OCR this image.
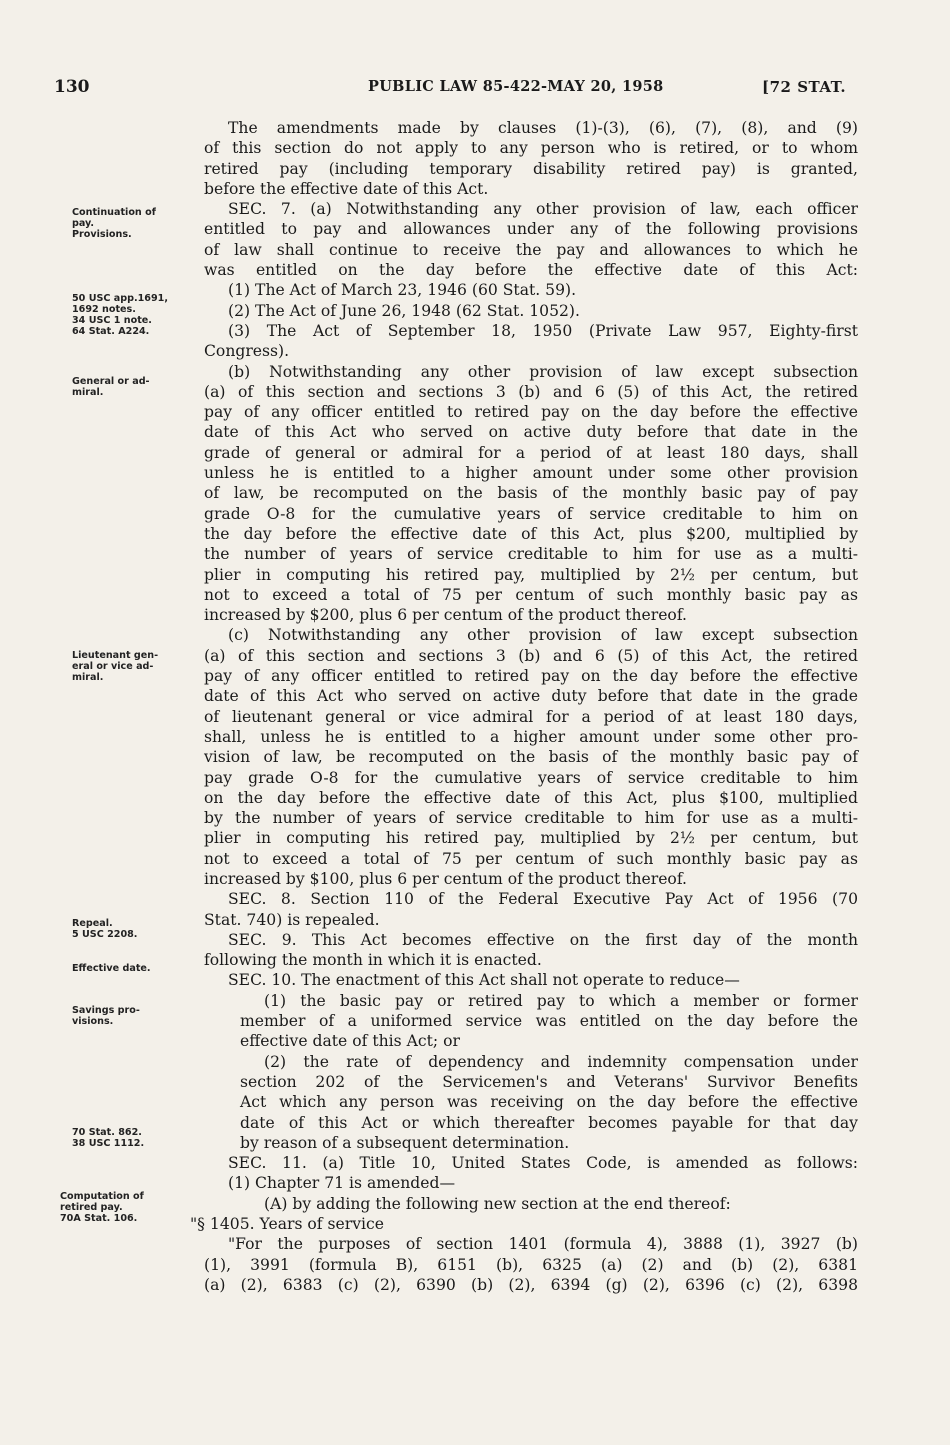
130	PUBLIC LAW 85-422-MAY 20, 1958	[72 STAT.
Continuation of
pay.
Provisions.
50 USC app.1691,
1692 notes.
34 USC 1 note.
64 Stat. A224.
General or ad-
miral.
Lieutenant gen-
eral or vice ad-
miral.
Repeal.
5 USC 2208.
Effective date.
Savings pro-
visions.
70 Stat. 862.
38 USC 1112.
Computation of
retired pay.
70A Stat. 106.
The amendments made by clauses (1)-(3), (6), (7), (8), and (9)
of this section do not apply to any person who is retired, or to whom
retired pay (including temporary disability retired pay) is granted,
before the effective date of this Act.
SEC. 7. (a) Notwithstanding any other provision of law, each officer
entitled to pay and allowances under any of the following provisions
of law shall continue to receive the pay and allowances to which he
was entitled on the day before the effective date of this Act:
(1) The Act of March 23, 1946 (60 Stat. 59).
(2) The Act of June 26, 1948 (62 Stat. 1052).
(3) The Act of September 18, 1950 (Private Law 957, Eighty-first
Congress).
(b) Notwithstanding any other provision of law except subsection
(a) of this section and sections 3 (b) and 6 (5) of this Act, the retired
pay of any officer entitled to retired pay on the day before the effective
date of this Act who served on active duty before that date in the
grade of general or admiral for a period of at least 180 days, shall
unless he is entitled to a higher amount under some other provision
of law, be recomputed on the basis of the monthly basic pay of pay
grade O-8 for the cumulative years of service creditable to him on
the day before the effective date of this Act, plus $200, multiplied by
the number of years of service creditable to him for use as a multi-
plier in computing his retired pay, multiplied by 2½ per centum, but
not to exceed a total of 75 per centum of such monthly basic pay as
increased by $200, plus 6 per centum of the product thereof.
(c) Notwithstanding any other provision of law except subsection
(a) of this section and sections 3 (b) and 6 (5) of this Act, the retired
pay of any officer entitled to retired pay on the day before the effective
date of this Act who served on active duty before that date in the grade
of lieutenant general or vice admiral for a period of at least 180 days,
shall, unless he is entitled to a higher amount under some other pro-
vision of law, be recomputed on the basis of the monthly basic pay of
pay grade O-8 for the cumulative years of service creditable to him
on the day before the effective date of this Act, plus $100, multiplied
by the number of years of service creditable to him for use as a multi-
plier in computing his retired pay, multiplied by 2½ per centum, but
not to exceed a total of 75 per centum of such monthly basic pay as
increased by $100, plus 6 per centum of the product thereof.
SEC. 8. Section 110 of the Federal Executive Pay Act of 1956 (70
Stat. 740) is repealed.
SEC. 9. This Act becomes effective on the first day of the month
following the month in which it is enacted.
SEC. 10. The enactment of this Act shall not operate to reduce—
(1) the basic pay or retired pay to which a member or former
member of a uniformed service was entitled on the day before the
effective date of this Act; or
(2) the rate of dependency and indemnity compensation under
section 202 of the Servicemen's and Veterans' Survivor Benefits
Act which any person was receiving on the day before the effective
date of this Act or which thereafter becomes payable for that day
by reason of a subsequent determination.
SEC. 11. (a) Title 10, United States Code, is amended as follows:
(1) Chapter 71 is amended—
(A) by adding the following new section at the end thereof:
"§ 1405. Years of service
"For the purposes of section 1401 (formula 4), 3888 (1), 3927 (b)
(1), 3991 (formula B), 6151 (b), 6325 (a) (2) and (b) (2), 6381
(a) (2), 6383 (c) (2), 6390 (b) (2), 6394 (g) (2), 6396 (c) (2), 6398
